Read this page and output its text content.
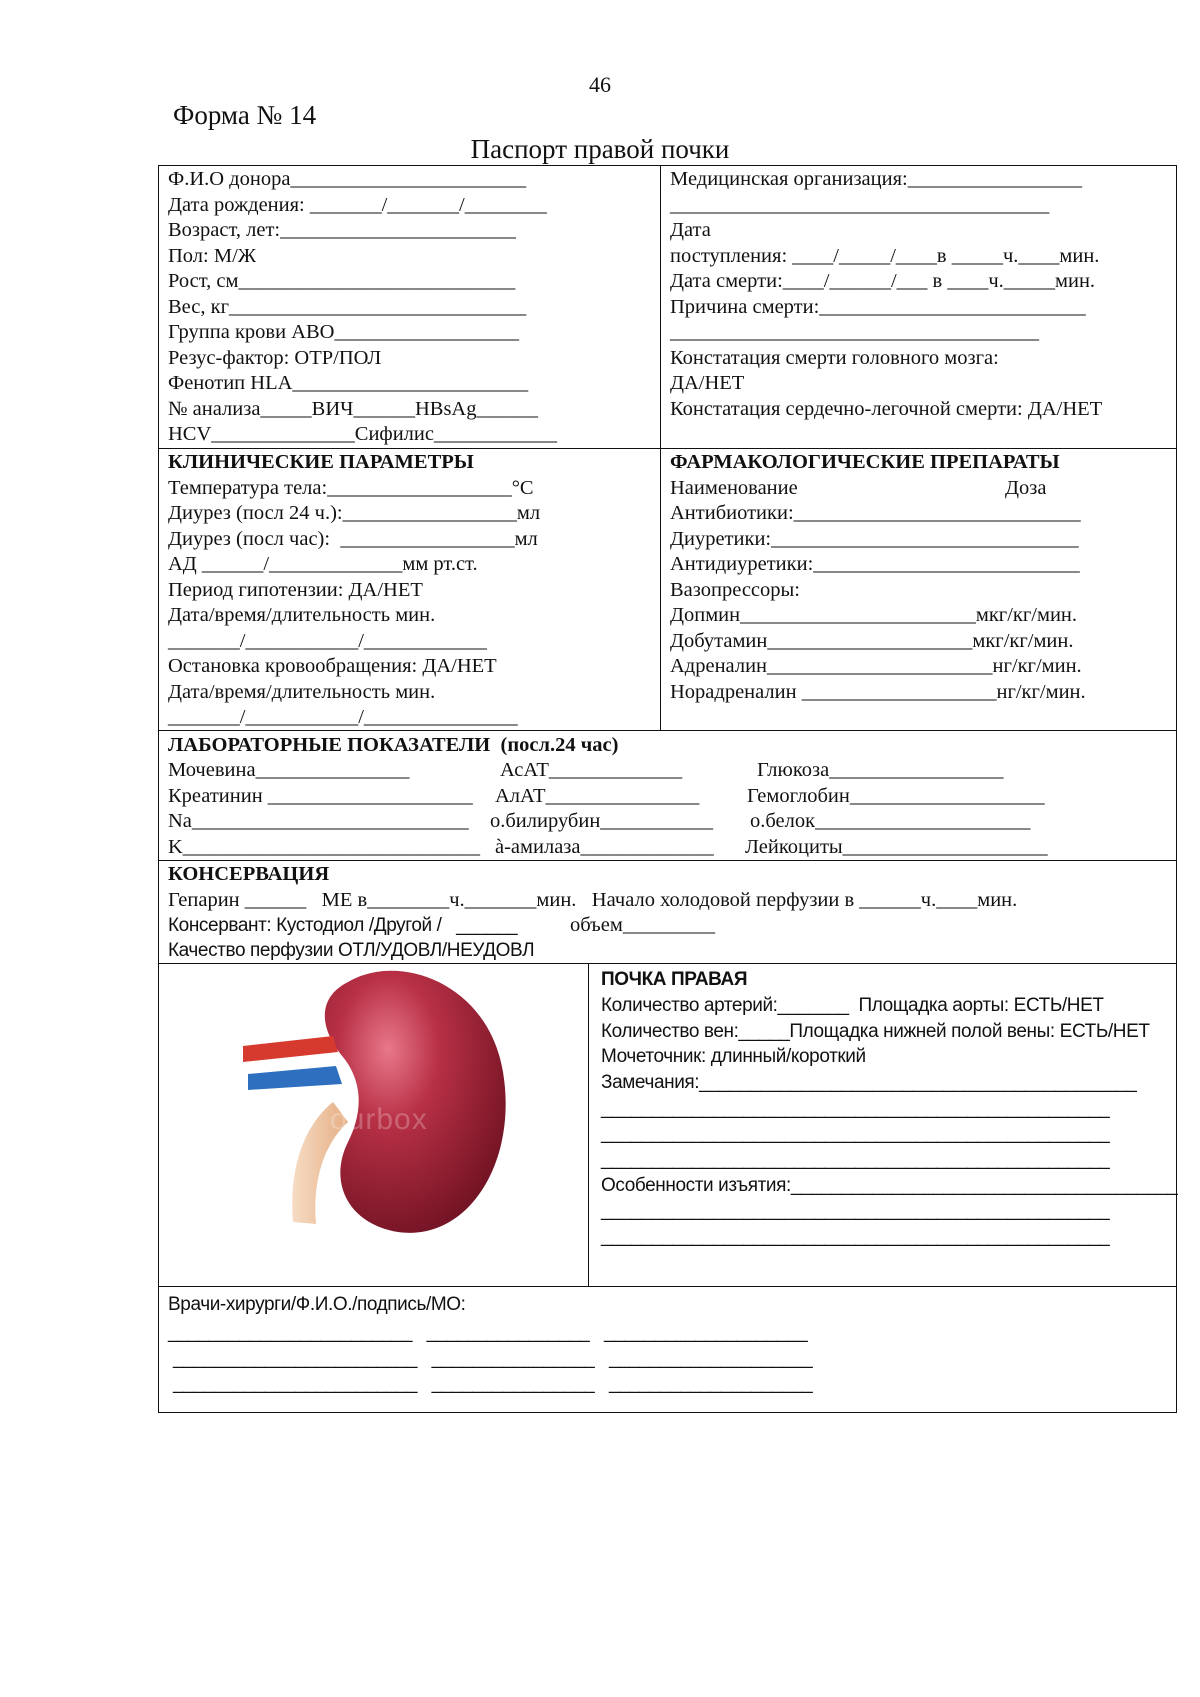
46
Форма № 14
Паспорт правой почки
Ф.И.О донора_______________________
Дата рождения: _______/_______/________
Возраст, лет:_______________________
Пол: М/Ж
Рост, см___________________________
Вес, кг_____________________________
Группа крови АВО__________________
Резус-фактор: ОТР/ПОЛ
Фенотип HLA_______________________
№ анализа_____ВИЧ______HBsAg______
HCV______________Сифилис____________
Медицинская организация:_________________
_____________________________________
Дата
поступления: ____/_____/____в _____ч.____мин.
Дата смерти:____/______/___ в ____ч._____мин.
Причина смерти:__________________________
____________________________________
Констатация смерти головного мозга:
ДА/НЕТ
Констатация сердечно-легочной смерти: ДА/НЕТ
КЛИНИЧЕСКИЕ ПАРАМЕТРЫ
Температура тела:__________________°C
Диурез (посл 24 ч.):_________________мл
Диурез (посл час):  _________________мл
АД ______/_____________мм рт.ст.
Период гипотензии: ДА/НЕТ
Дата/время/длительность мин.
_______/___________/____________
Остановка кровообращения: ДА/НЕТ
Дата/время/длительность мин.
_______/___________/_______________
ФАРМАКОЛОГИЧЕСКИЕ ПРЕПАРАТЫ
Наименование	Доза
Антибиотики:____________________________
Диуретики:______________________________
Антидиуретики:__________________________
Вазопрессоры:
Допмин_______________________мкг/кг/мин.
Добутамин____________________мкг/кг/мин.
Адреналин______________________нг/кг/мин.
Норадреналин ___________________нг/кг/мин.
ЛАБОРАТОРНЫЕ ПОКАЗАТЕЛИ  (посл.24 час)
Мочевина_______________
Креатинин ____________________
Na___________________________
K_____________________________
АсАТ_____________
АлАТ_______________
о.билирубин___________
à-амилаза_____________
Глюкоза_________________
Гемоглобин___________________
о.белок_____________________
Лейкоциты____________________
КОНСЕРВАЦИЯ
Гепарин ______   МЕ в________ч._______мин.   Начало холодовой перфузии в ______ч.____мин.
Консервант: Кустодиол /Другой /   ______	объем_________
Качество перфузии ОТЛ/УДОВЛ/НЕУДОВЛ
ourbox
ПОЧКА ПРАВАЯ
Количество артерий:_______  Площадка аорты: ЕСТЬ/НЕТ
Количество вен:_____Площадка нижней полой вены: ЕСТЬ/НЕТ
Мочеточник: длинный/короткий
Замечания:___________________________________________
__________________________________________________
__________________________________________________
__________________________________________________
Особенности изъятия:______________________________________
__________________________________________________
__________________________________________________
Врачи-хирурги/Ф.И.О./подпись/МО:
________________________   ________________   ____________________
________________________   ________________   ____________________
________________________   ________________   ____________________
